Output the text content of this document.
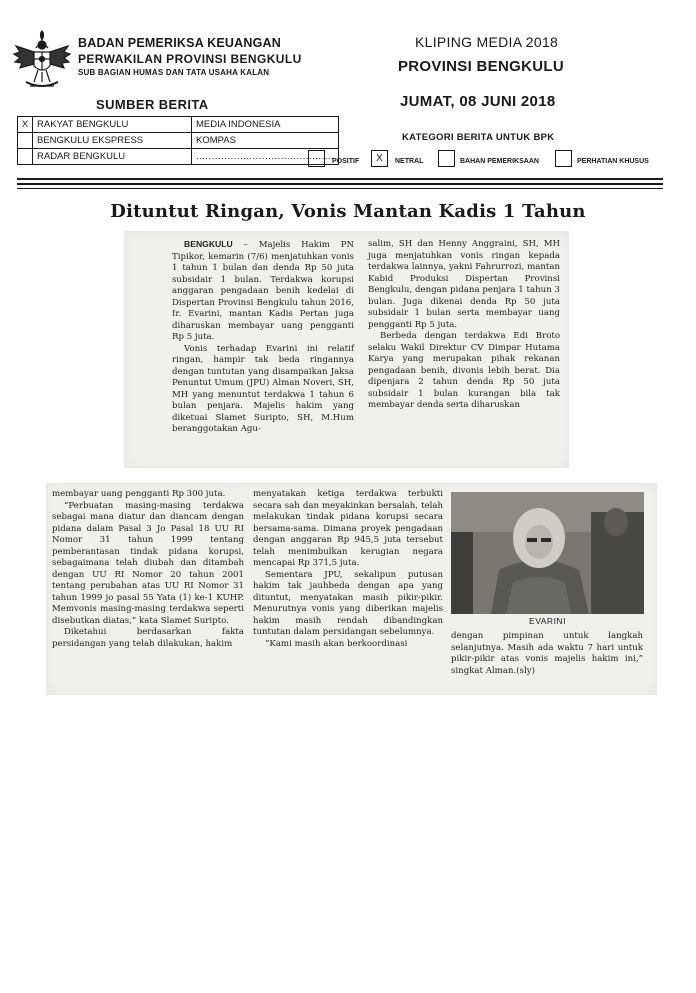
BADAN PEMERIKSA KEUANGAN
PERWAKILAN PROVINSI BENGKULU
SUB BAGIAN HUMAS DAN TATA USAHA KALAN
KLIPING MEDIA 2018
PROVINSI BENGKULU
JUMAT, 08 JUNI 2018
SUMBER BERITA
X	RAKYAT BENGKULU	MEDIA INDONESIA
	BENGKULU EKSPRESS	KOMPAS
	RADAR BENGKULU	............................................
KATEGORI BERITA UNTUK BPK
POSITIF	X	NETRAL	BAHAN PEMERIKSAAN	PERHATIAN KHUSUS
Dituntut Ringan, Vonis Mantan Kadis 1 Tahun

BENGKULU – Majelis Hakim PN Tipikor, kemarin (7/6) menjatuhkan vonis 1 tahun 1 bulan dan denda Rp 50 juta subsidair 1 bulan. Terdakwa korupsi anggaran pengadaan benih kedelai di Dispertan Provinsi Bengkulu tahun 2016, Ir. Evarini, mantan Kadis Pertan juga diharuskan membayar uang pengganti Rp 5 juta.

Vonis terhadap Evarini ini relatif ringan, hampir tak beda ringannya dengan tuntutan yang disampaikan Jaksa Penuntut Umum (JPU) Alman Noveri, SH, MH yang menuntut terdakwa 1 tahun 6 bulan penjara. Majelis hakim yang diketuai Slamet Suripto, SH, M.Hum beranggotakan Agu-

salim, SH dan Henny Anggraini, SH, MH juga menjatuhkan vonis ringan kepada terdakwa lainnya, yakni Fahrurrozi, mantan Kabid Produksi Dispertan Provinsi Bengkulu, dengan pidana penjara 1 tahun 3 bulan. Juga dikenai denda Rp 50 juta subsidair 1 bulan serta membayar uang pengganti Rp 5 juta.

Berbeda dengan terdakwa Edi Broto selaku Wakil Direktur CV Dimpar Hutama Karya yang merupakan pihak rekanan pengadaan benih, divonis lebih berat. Dia dipenjara 2 tahun denda Rp 50 juta subsidair 1 bulan kurangan bila tak membayar denda serta diharuskan

membayar uang pengganti Rp 300 juta.

“Perbuatan masing-masing terdakwa sebagai mana diatur dan diancam dengan pidana dalam Pasal 3 Jo Pasal 18 UU RI Nomor 31 tahun 1999 tentang pemberantasan tindak pidana korupsi, sebagaimana telah diubah dan ditambah dengan UU RI Nomor 20 tahun 2001 tentang perubahan atas UU RI Nomor 31 tahun 1999 jo pasal 55 Yata (1) ke-1 KUHP. Memvonis masing-masing terdakwa seperti disebutkan diatas,” kata Slamet Suripto.

Diketahui berdasarkan fakta persidangan yang telah dilakukan, hakim

menyatakan ketiga terdakwa terbukti secara sah dan meyakinkan bersalah, telah melakukan tindak pidana korupsi secara bersama-sama. Dimana proyek pengadaan dengan anggaran Rp 945,5 juta tersebut telah menimbulkan kerugian negara mencapai Rp 371,5 juta.

Sementara JPU, sekalipun putusan hakim tak jauhbeda dengan apa yang dituntut, menyatakan masih pikir-pikir. Menurutnya vonis yang diberikan majelis hakim masih rendah dibandingkan tuntutan dalam persidangan sebelumnya.

“Kami masih akan berkoordinasi

dengan pimpinan untuk langkah selanjutnya. Masih ada waktu 7 hari untuk pikir-pikir atas vonis majelis hakim ini,” singkat Alman.(sly)

EVARINI
